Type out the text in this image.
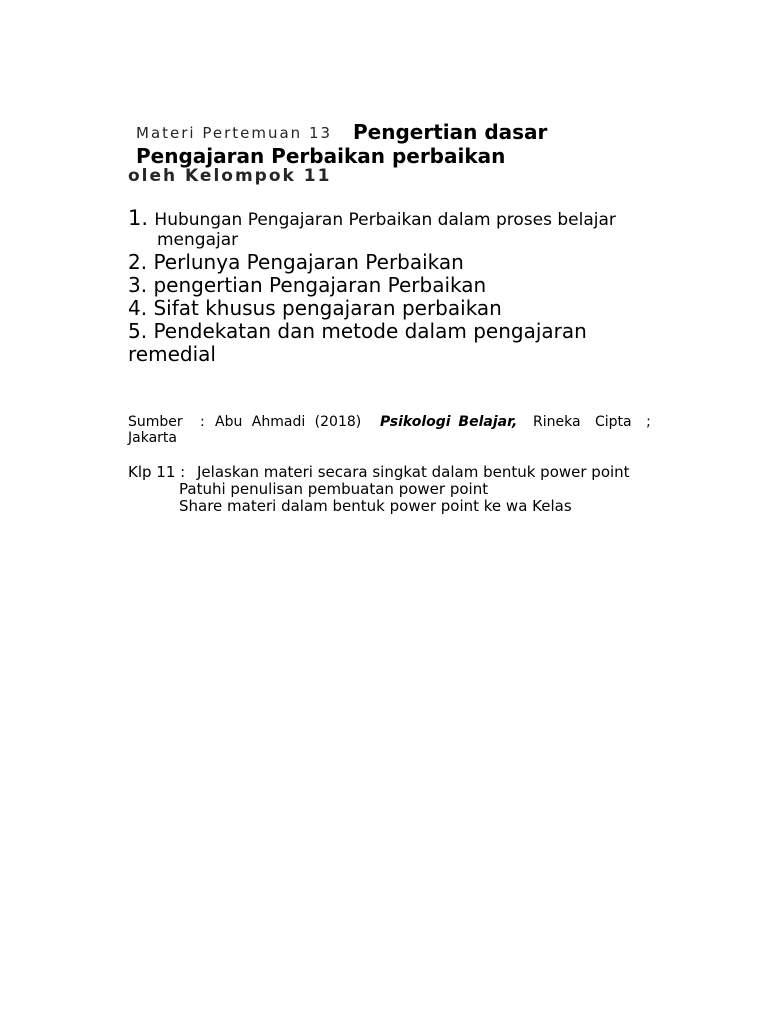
Materi Pertemuan 13 Pengertian dasar
Pengajaran Perbaikan perbaikan
oleh Kelompok 11
1. Hubungan Pengajaran Perbaikan dalam proses belajar
mengajar
2. Perlunya Pengajaran Perbaikan
3. pengertian Pengajaran Perbaikan
4. Sifat khusus pengajaran perbaikan
5. Pendekatan dan metode dalam pengajaran
remedial
Sumber : Abu Ahmadi (2018) Psikologi Belajar, Rineka Cipta ;
Jakarta
Klp 11 : Jelaskan materi secara singkat dalam bentuk power point
Patuhi penulisan pembuatan power point
Share materi dalam bentuk power point ke wa Kelas
